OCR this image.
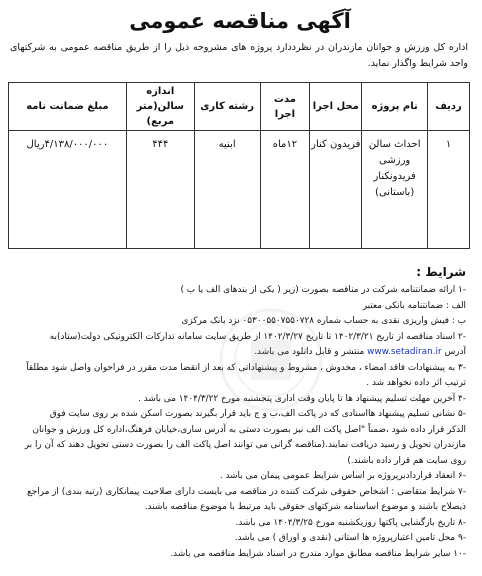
آگهی مناقصه عمومی

اداره کل ورزش و جوانان مازندران در نظرددارد پروژه های مشروحه ذیل را از طریق مناقصه عمومی به شرکتهای واجد شرایط واگذار نماید.

ردیف	نام پروژه	محل اجرا	مدت اجرا	رشته کاری	اندازه سالن(متر مربع)	مبلغ ضمانت نامه
۱	احداث سالن ورزشی فریدونکنار (باستانی)	فریدون کنار	۱۲ماه	ابنیه	۴۴۴	۴/۱۳۸/۰۰۰/۰۰۰ریال
شرایط :
-۱ ارائه ضمانتنامه شرکت در مناقصه بصورت (زیر ( یکی از بندهای الف یا ب )
الف : ضمانتنامه بانکی معتبر
ب : فیش واریزی نقدی به حساب شماره ۰۵۳۰۰۵۵۰۷۵۵۰۷۲۸ نزد بانک مرکزی
-۲ اسناد مناقصه از تاریخ ۱۴۰۲/۳/۲۱ تا تاریخ ۱۴۰۲/۳/۲۷ از طریق سایت سامانه تدارکات الکترونیکی دولت(ستاد)به
آدرس www.setadiran.ir منتشر و قابل دانلود می باشد.
-۳ به پیشنهادات فاقد امضاء ، مخدوش ، مشروط و پیشنهاداتی که بعد از انقضا مدت مقرر در فراخوان واصل شود مطلقاً
ترتیب اثر داده نخواهد شد .
-۴ آخرین مهلت تسلیم پیشنهاد ها تا پایان وقت اداری پنجشنبه مورخ ۱۴۰۴/۳/۲۲ می باشد .
-۵ نشانی تسلیم پیشنهاد هااسنادی که در پاکت الف،ب و ج باید قرار بگیرند بصورت اسکن شده بر روی سایت فوق
الذکر قرار داده شود ،ضمناً "اصل پاکت الف نیز بصورت دستی به آدرس ساری،خیابان فرهنگ،اداره کل ورزش و جوانان
مازندران تحویل و رسید دریافت نمایند.(مناقصه گرانی می توانند اصل پاکت الف را بصورت دستی تحویل دهند که آن را بر
روی سایت هم قرار داده باشند.)
-۶ انعقاد قراردادبرپروژه بر اساس شرایط عمومی پیمان می باشد .
-۷ شرایط متقاضی : اشخاص حقوقی شرکت کننده در مناقصه می بایست دارای صلاحیت پیمانکاری (رتبه بندی) از مراجع
ذیصلاح باشند و موضوع اساسنامه شرکتهای حقوقی باید مرتبط با موضوع مناقصه باشند.
-۸ تاریخ بازگشایی پاکتها روزیکشنبه مورخ ۱۴۰۴/۳/۲۵ می باشد.
-۹ محل تامین اعتبارپروژه ها استانی (نقدی و اوراق ) می باشد.
-۱۰ سایر شرایط مناقصه مطابق موارد مندرج در اسناد شرایط مناقصه می باشد.
